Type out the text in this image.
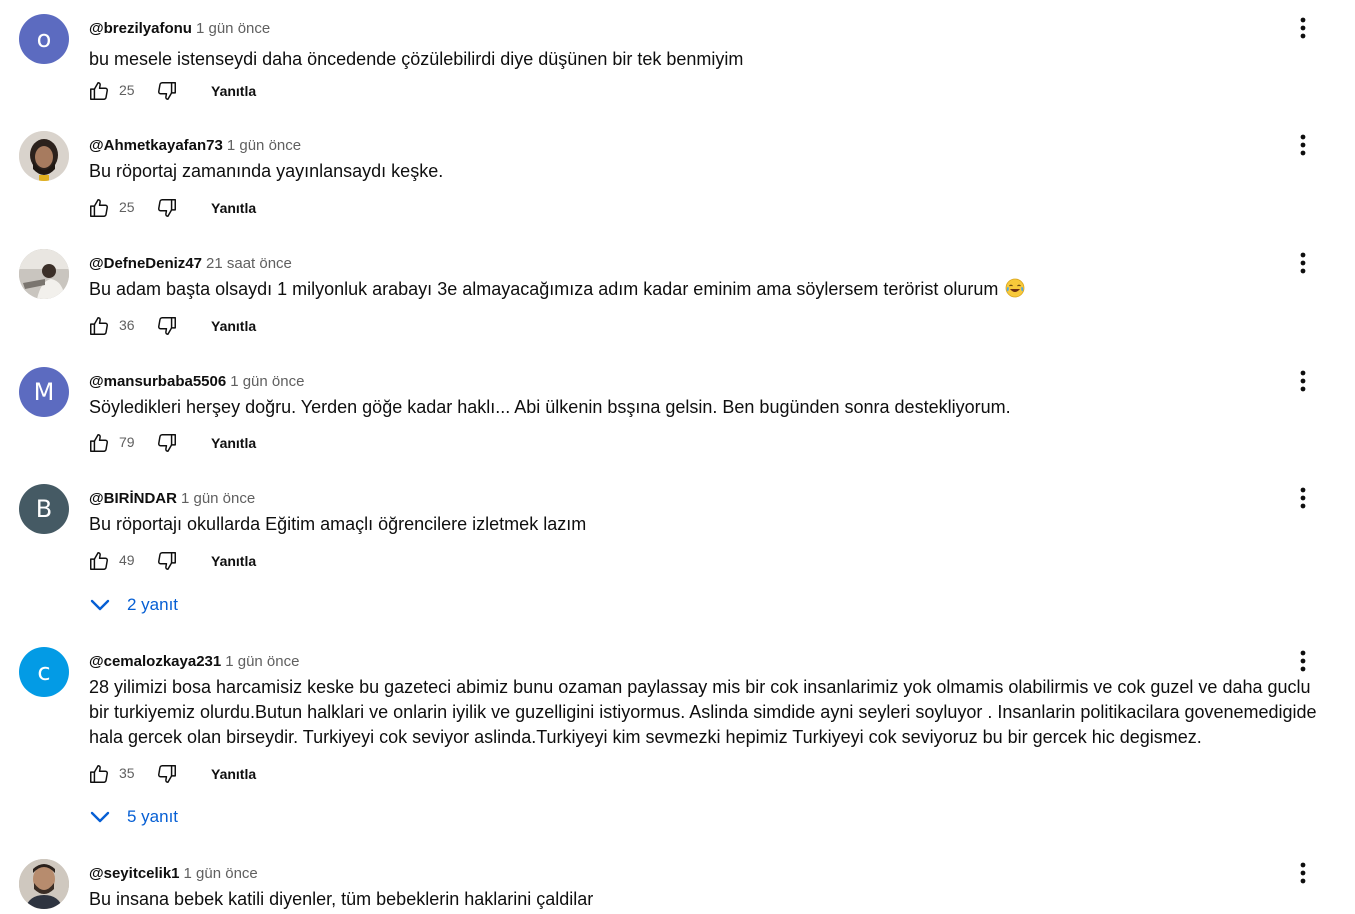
o	@brezilyafonu 1 gün önce
bu mesele istenseydi daha öncedende çözülebilirdi diye düşünen bir tek benmiyim
25	Yanıtla
@Ahmetkayafan73 1 gün önce
Bu röportaj zamanında yayınlansaydı keşke.
25	Yanıtla
@DefneDeniz47 21 saat önce
Bu adam başta olsaydı 1 milyonluk arabayı 3e almayacağımıza adım kadar eminim ama söylersem terörist olurum
36	Yanıtla
M @mansurbaba5506 1 gün önce
Söyledikleri herşey doğru. Yerden göğe kadar haklı... Abi ülkenin bsşına gelsin. Ben bugünden sonra destekliyorum.
79	Yanıtla
B @BIRİNDAR 1 gün önce
Bu röportajı okullarda Eğitim amaçlı öğrencilere izletmek lazım
49	Yanıtla
2 yanıt
c	@cemalozkaya231 1 gün önce
28 yilimizi bosa harcamisiz keske bu gazeteci abimiz bunu ozaman paylassay mis bir cok insanlarimiz yok olmamis olabilirmis ve cok guzel ve daha guclu bir turkiyemiz olurdu.Butun halklari ve onlarin iyilik ve guzelligini istiyormus. Aslinda simdide ayni seyleri soyluyor . Insanlarin politikacilara govenemedigide hala gercek olan birseydir. Turkiyeyi cok seviyor aslinda.Turkiyeyi kim sevmezki hepimiz Turkiyeyi cok seviyoruz bu bir gercek hic degismez.
35	Yanıtla
5 yanıt
@seyitcelik1 1 gün önce
Bu insana bebek katili diyenler, tüm bebeklerin haklarini çaldilar
